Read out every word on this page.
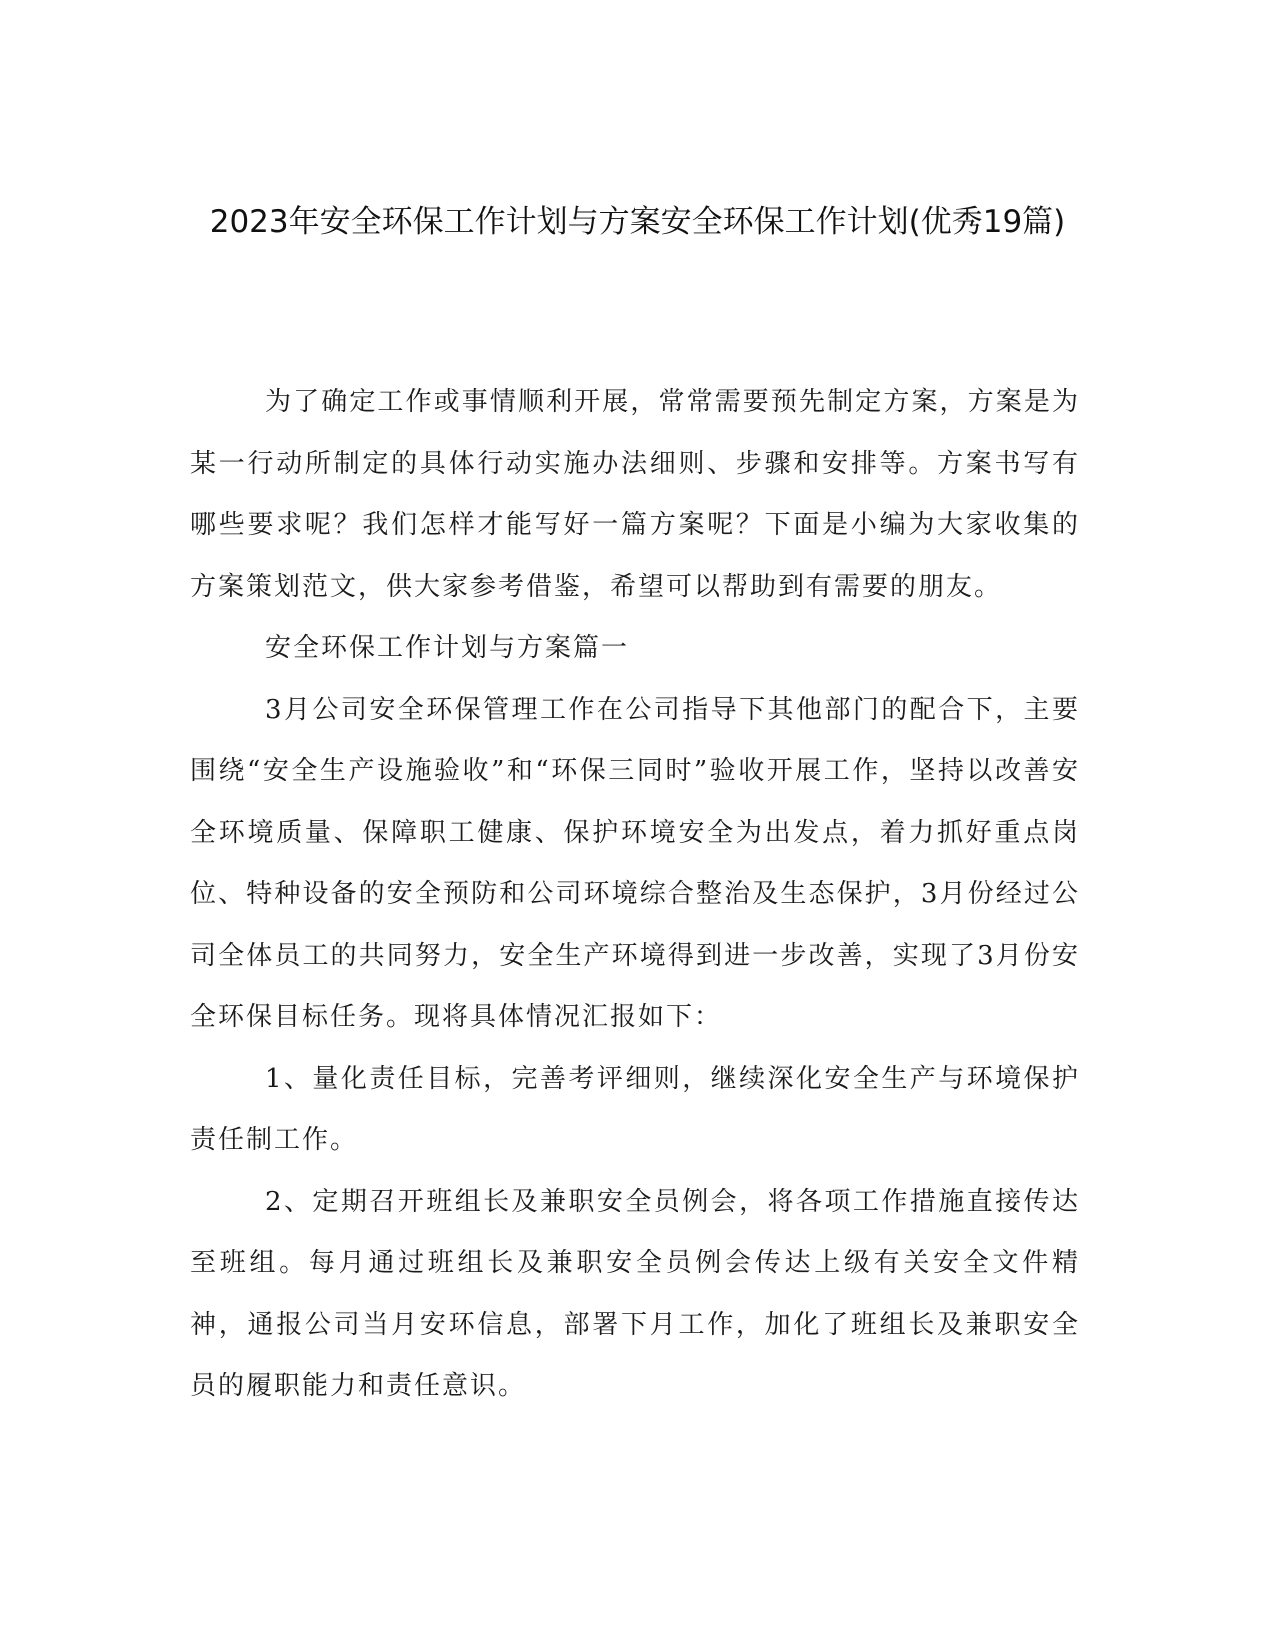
2023年安全环保工作计划与方案安全环保工作计划(优秀19篇)

为了确定工作或事情顺利开展，常常需要预先制定方案，方案是为某一行动所制定的具体行动实施办法细则、步骤和安排等。方案书写有哪些要求呢？我们怎样才能写好一篇方案呢？下面是小编为大家收集的方案策划范文，供大家参考借鉴，希望可以帮助到有需要的朋友。

安全环保工作计划与方案篇一

3月公司安全环保管理工作在公司指导下其他部门的配合下，主要围绕“安全生产设施验收”和“环保三同时”验收开展工作，坚持以改善安全环境质量、保障职工健康、保护环境安全为出发点，着力抓好重点岗位、特种设备的安全预防和公司环境综合整治及生态保护，3月份经过公司全体员工的共同努力，安全生产环境得到进一步改善，实现了3月份安全环保目标任务。现将具体情况汇报如下：

1、量化责任目标，完善考评细则，继续深化安全生产与环境保护责任制工作。

2、定期召开班组长及兼职安全员例会，将各项工作措施直接传达至班组。每月通过班组长及兼职安全员例会传达上级有关安全文件精神，通报公司当月安环信息，部署下月工作，加化了班组长及兼职安全员的履职能力和责任意识。
